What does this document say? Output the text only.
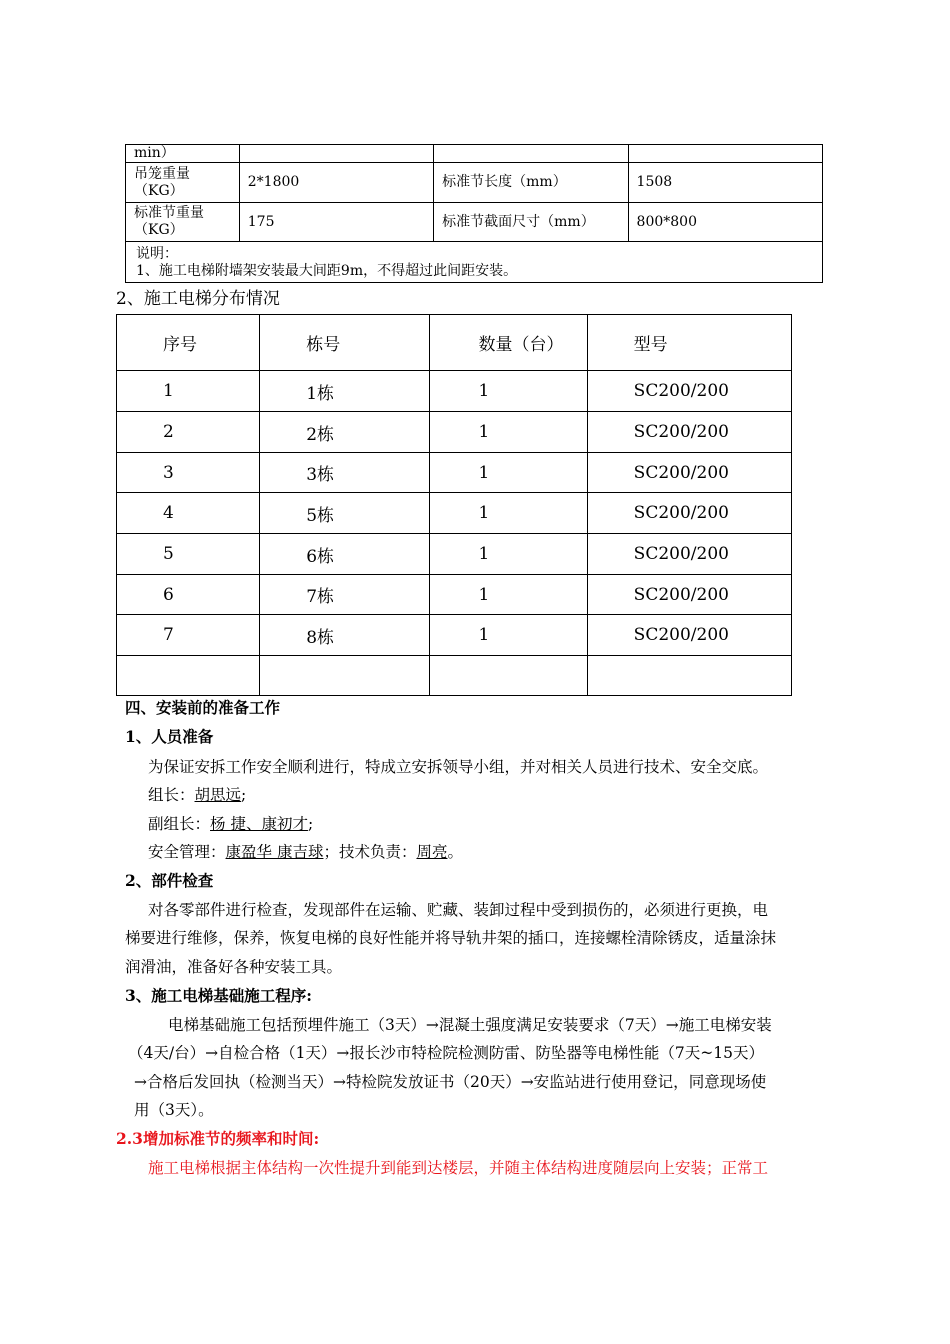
min）			
吊笼重量（KG）	2*1800	标准节长度（mm）	1508
标准节重量（KG）	175	标准节截面尺寸（mm）	800*800

说明：
1、施工电梯附墙架安装最大间距9m，不得超过此间距安装。			
2、施工电梯分布情况
序号	栋号	数量（台）	型号
1	1栋	1	SC200/200
2	2栋	1	SC200/200
3	3栋	1	SC200/200
4	5栋	1	SC200/200
5	6栋	1	SC200/200
6	7栋	1	SC200/200
7	8栋	1	SC200/200

四、安装前的准备工作
1、人员准备
为保证安拆工作安全顺利进行，特成立安拆领导小组，并对相关人员进行技术、安全交底。
组长：胡思远;
副组长：杨 捷、康初才;
安全管理：康盈华 康吉球；技术负责：周亮。
2、部件检查
对各零部件进行检查，发现部件在运输、贮藏、装卸过程中受到损伤的，必须进行更换，电
梯要进行维修，保养，恢复电梯的良好性能并将导轨井架的插口，连接螺栓清除锈皮，适量涂抹
润滑油，准备好各种安装工具。
3、施工电梯基础施工程序:
电梯基础施工包括预埋件施工（3天）→混凝土强度满足安装要求（7天）→施工电梯安装
（4天/台）→自检合格（1天）→报长沙市特检院检测防雷、防坠器等电梯性能（7天~15天）
→合格后发回执（检测当天）→特检院发放证书（20天）→安监站进行使用登记，同意现场使
用（3天）。
2.3增加标准节的频率和时间:
施工电梯根据主体结构一次性提升到能到达楼层，并随主体结构进度随层向上安装；正常工
